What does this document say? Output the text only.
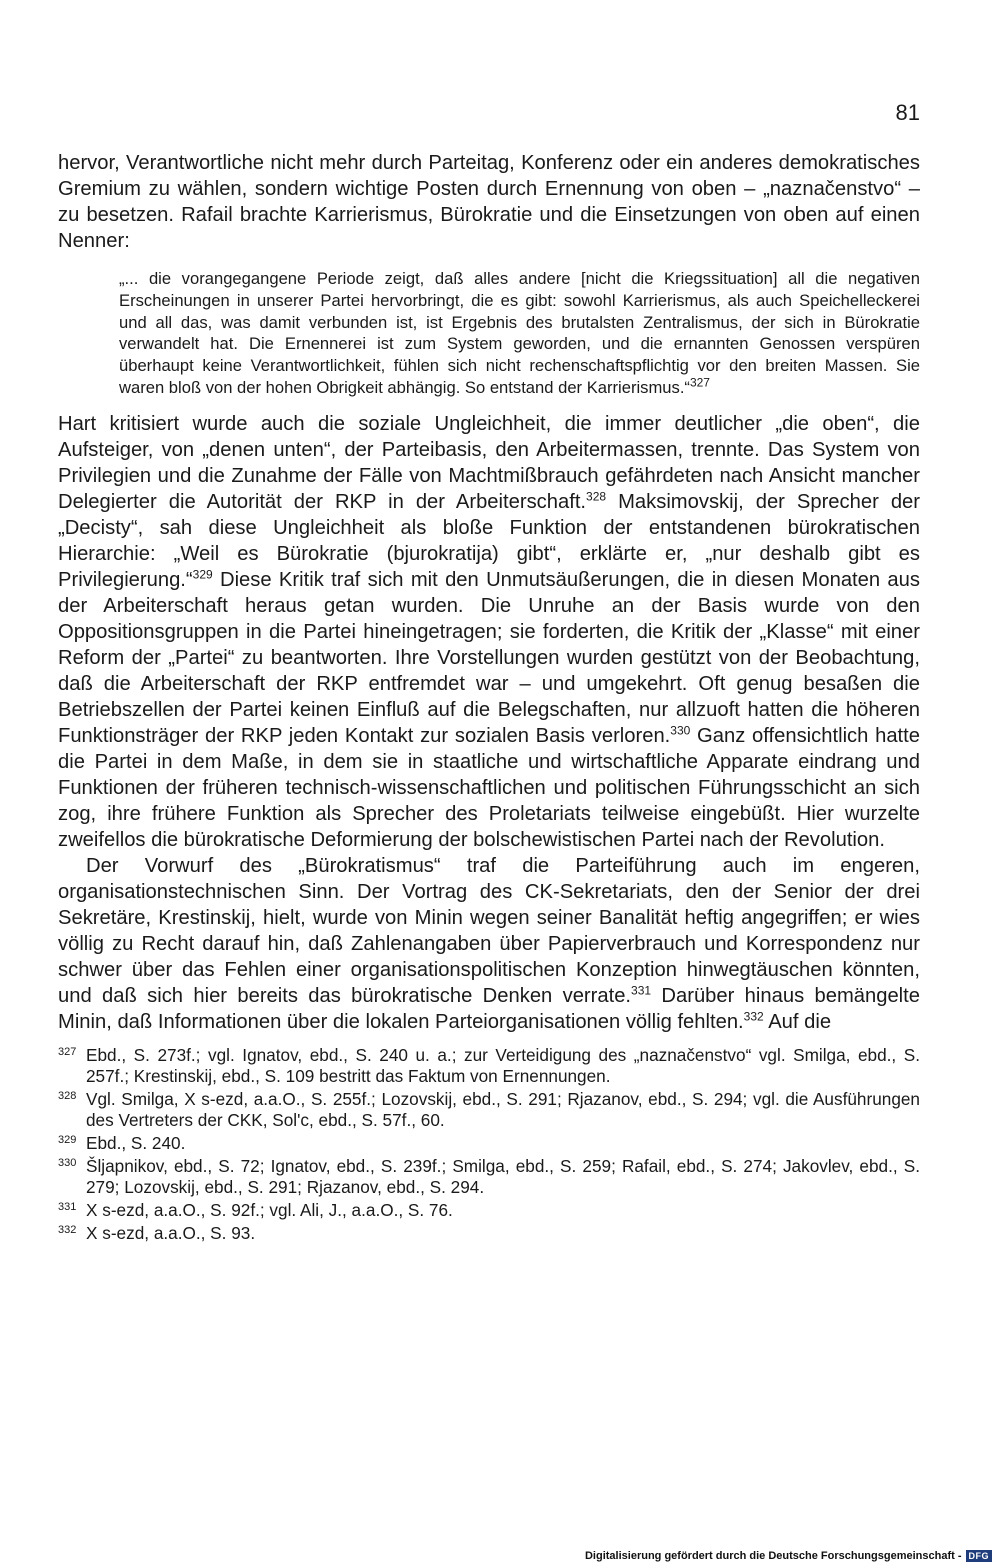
81

hervor, Verantwortliche nicht mehr durch Parteitag, Konferenz oder ein anderes demokratisches Gremium zu wählen, sondern wichtige Posten durch Ernennung von oben – „naznačenstvo“ – zu besetzen. Rafail brachte Karrierismus, Bürokratie und die Einsetzungen von oben auf einen Nenner:

„... die vorangegangene Periode zeigt, daß alles andere [nicht die Kriegssituation] all die negativen Erscheinungen in unserer Partei hervorbringt, die es gibt: sowohl Karrierismus, als auch Speichelleckerei und all das, was damit verbunden ist, ist Ergebnis des brutalsten Zentralismus, der sich in Bürokratie verwandelt hat. Die Ernennerei ist zum System geworden, und die ernannten Genossen verspüren überhaupt keine Verantwortlichkeit, fühlen sich nicht rechenschaftspflichtig vor den breiten Massen. Sie waren bloß von der hohen Obrigkeit abhängig. So entstand der Karrierismus.“$^{327}$

Hart kritisiert wurde auch die soziale Ungleichheit, die immer deutlicher „die oben“, die Aufsteiger, von „denen unten“, der Parteibasis, den Arbeitermassen, trennte. Das System von Privilegien und die Zunahme der Fälle von Machtmißbrauch gefährdeten nach Ansicht mancher Delegierter die Autorität der RKP in der Arbeiterschaft.$^{328}$ Maksimovskij, der Sprecher der „Decisty“, sah diese Ungleichheit als bloße Funktion der entstandenen bürokratischen Hierarchie: „Weil es Bürokratie (bjurokratija) gibt“, erklärte er, „nur deshalb gibt es Privilegierung.“$^{329}$ Diese Kritik traf sich mit den Unmutsäußerungen, die in diesen Monaten aus der Arbeiterschaft heraus getan wurden. Die Unruhe an der Basis wurde von den Oppositionsgruppen in die Partei hineingetragen; sie forderten, die Kritik der „Klasse“ mit einer Reform der „Partei“ zu beantworten. Ihre Vorstellungen wurden gestützt von der Beobachtung, daß die Arbeiterschaft der RKP entfremdet war – und umgekehrt. Oft genug besaßen die Betriebszellen der Partei keinen Einfluß auf die Belegschaften, nur allzuoft hatten die höheren Funktionsträger der RKP jeden Kontakt zur sozialen Basis verloren.$^{330}$ Ganz offensichtlich hatte die Partei in dem Maße, in dem sie in staatliche und wirtschaftliche Apparate eindrang und Funktionen der früheren technisch-wissenschaftlichen und politischen Führungsschicht an sich zog, ihre frühere Funktion als Sprecher des Proletariats teilweise eingebüßt. Hier wurzelte zweifellos die bürokratische Deformierung der bolschewistischen Partei nach der Revolution.

Der Vorwurf des „Bürokratismus“ traf die Parteiführung auch im engeren, organisationstechnischen Sinn. Der Vortrag des CK-Sekretariats, den der Senior der drei Sekretäre, Krestinskij, hielt, wurde von Minin wegen seiner Banalität heftig angegriffen; er wies völlig zu Recht darauf hin, daß Zahlenangaben über Papierverbrauch und Korrespondenz nur schwer über das Fehlen einer organisationspolitischen Konzeption hinwegtäuschen könnten, und daß sich hier bereits das bürokratische Denken verrate.$^{331}$ Darüber hinaus bemängelte Minin, daß Informationen über die lokalen Parteiorganisationen völlig fehlten.$^{332}$ Auf die

327 Ebd., S. 273f.; vgl. Ignatov, ebd., S. 240 u. a.; zur Verteidigung des „naznačenstvo“ vgl. Smilga, ebd., S. 257f.; Krestinskij, ebd., S. 109 bestritt das Faktum von Ernennungen.
328 Vgl. Smilga, X s-ezd, a.a.O., S. 255f.; Lozovskij, ebd., S. 291; Rjazanov, ebd., S. 294; vgl. die Ausführungen des Vertreters der CKK, Sol'c, ebd., S. 57f., 60.
329 Ebd., S. 240.
330 Šljapnikov, ebd., S. 72; Ignatov, ebd., S. 239f.; Smilga, ebd., S. 259; Rafail, ebd., S. 274; Jakovlev, ebd., S. 279; Lozovskij, ebd., S. 291; Rjazanov, ebd., S. 294.
331 X s-ezd, a.a.O., S. 92f.; vgl. Ali, J., a.a.O., S. 76.
332 X s-ezd, a.a.O., S. 93.
Digitalisierung gefördert durch die Deutsche Forschungsgemeinschaft - DFG
